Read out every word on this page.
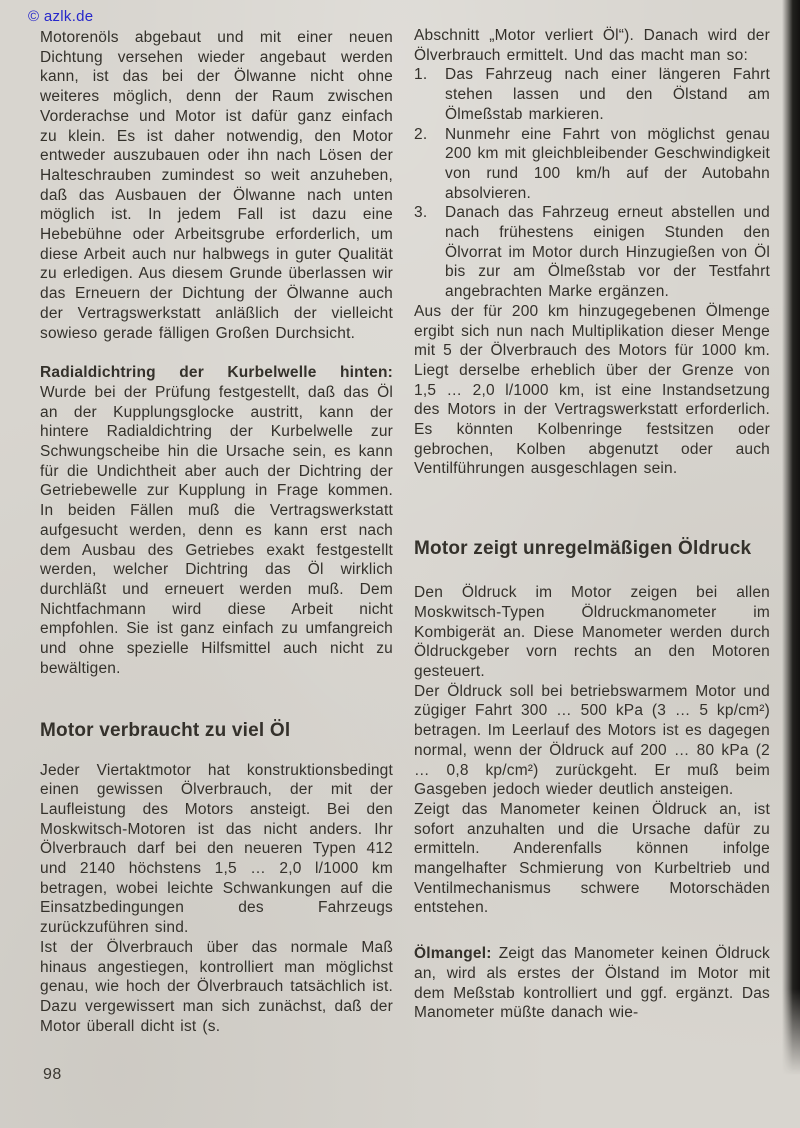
© azlk.de

Motorenöls abgebaut und mit einer neuen Dichtung versehen wieder angebaut werden kann, ist das bei der Ölwanne nicht ohne weiteres möglich, denn der Raum zwischen Vorderachse und Motor ist dafür ganz einfach zu klein. Es ist daher notwendig, den Motor entweder auszubauen oder ihn nach Lösen der Halteschrauben zumindest so weit anzuheben, daß das Ausbauen der Ölwanne nach unten möglich ist. In jedem Fall ist dazu eine Hebebühne oder Arbeitsgrube erforderlich, um diese Arbeit auch nur halbwegs in guter Qualität zu erledigen. Aus diesem Grunde überlassen wir das Erneuern der Dichtung der Ölwanne auch der Vertragswerkstatt anläßlich der vielleicht sowieso gerade fälligen Großen Durchsicht.

Radialdichtring der Kurbelwelle hinten: Wurde bei der Prüfung festgestellt, daß das Öl an der Kupplungsglocke austritt, kann der hintere Radialdichtring der Kurbelwelle zur Schwungscheibe hin die Ursache sein, es kann für die Undichtheit aber auch der Dichtring der Getriebewelle zur Kupplung in Frage kommen. In beiden Fällen muß die Vertragswerkstatt aufgesucht werden, denn es kann erst nach dem Ausbau des Getriebes exakt festgestellt werden, welcher Dichtring das Öl wirklich durchläßt und erneuert werden muß. Dem Nichtfachmann wird diese Arbeit nicht empfohlen. Sie ist ganz einfach zu umfangreich und ohne spezielle Hilfsmittel auch nicht zu bewältigen.

Motor verbraucht zu viel Öl

Jeder Viertaktmotor hat konstruktionsbedingt einen gewissen Ölverbrauch, der mit der Laufleistung des Motors ansteigt. Bei den Moskwitsch-Motoren ist das nicht anders. Ihr Ölverbrauch darf bei den neueren Typen 412 und 2140 höchstens 1,5 … 2,0 l/1000 km betragen, wobei leichte Schwankungen auf die Einsatzbedingungen des Fahrzeugs zurückzuführen sind.

Ist der Ölverbrauch über das normale Maß hinaus angestiegen, kontrolliert man möglichst genau, wie hoch der Ölverbrauch tatsächlich ist. Dazu vergewissert man sich zunächst, daß der Motor überall dicht ist (s.

Abschnitt „Motor verliert Öl“). Danach wird der Ölverbrauch ermittelt. Und das macht man so:

1.	Das Fahrzeug nach einer längeren Fahrt stehen lassen und den Ölstand am Ölmeßstab markieren.
2.	Nunmehr eine Fahrt von möglichst genau 200 km mit gleichbleibender Geschwindigkeit von rund 100 km/h auf der Autobahn absolvieren.
3.	Danach das Fahrzeug erneut abstellen und nach frühestens einigen Stunden den Ölvorrat im Motor durch Hinzugießen von Öl bis zur am Ölmeßstab vor der Testfahrt angebrachten Marke ergänzen.

Aus der für 200 km hinzugegebenen Ölmenge ergibt sich nun nach Multiplikation dieser Menge mit 5 der Ölverbrauch des Motors für 1000 km. Liegt derselbe erheblich über der Grenze von 1,5 … 2,0 l/1000 km, ist eine Instandsetzung des Motors in der Vertragswerkstatt erforderlich. Es könnten Kolbenringe festsitzen oder gebrochen, Kolben abgenutzt oder auch Ventilführungen ausgeschlagen sein.

Motor zeigt unregelmäßigen Öldruck

Den Öldruck im Motor zeigen bei allen Moskwitsch-Typen Öldruckmanometer im Kombigerät an. Diese Manometer werden durch Öldruckgeber vorn rechts an den Motoren gesteuert.

Der Öldruck soll bei betriebswarmem Motor und zügiger Fahrt 300 … 500 kPa (3 … 5 kp/cm²) betragen. Im Leerlauf des Motors ist es dagegen normal, wenn der Öldruck auf 200 … 80 kPa (2 … 0,8 kp/cm²) zurückgeht. Er muß beim Gasgeben jedoch wieder deutlich ansteigen.

Zeigt das Manometer keinen Öldruck an, ist sofort anzuhalten und die Ursache dafür zu ermitteln. Anderenfalls können infolge mangelhafter Schmierung von Kurbeltrieb und Ventilmechanismus schwere Motorschäden entstehen.

Ölmangel: Zeigt das Manometer keinen Öldruck an, wird als erstes der Ölstand im Motor mit dem Meßstab kontrolliert und ggf. ergänzt. Das Manometer müßte danach wie-

98
